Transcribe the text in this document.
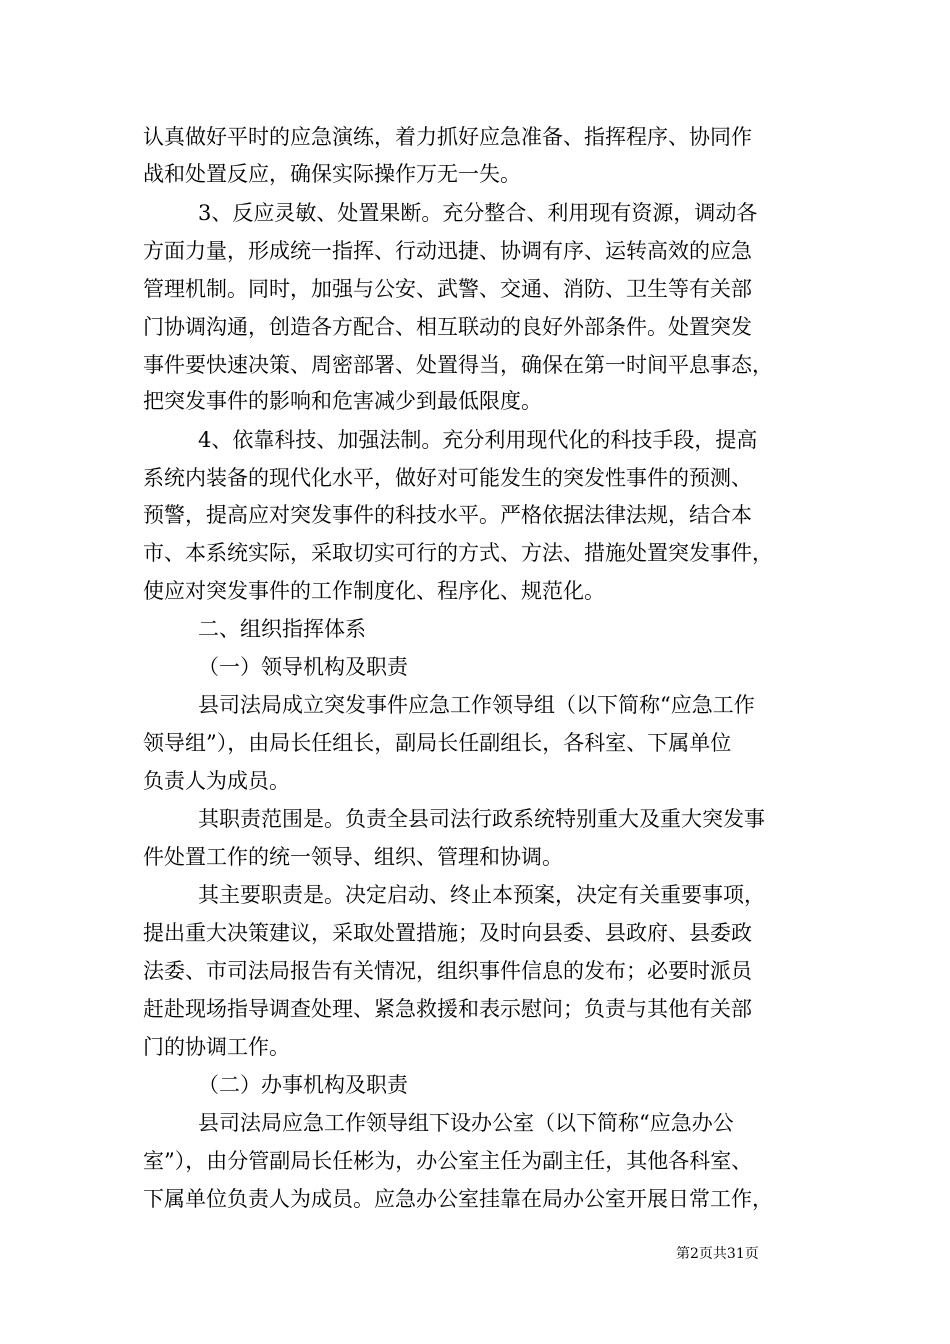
认真做好平时的应急演练，着力抓好应急准备、指挥程序、协同作
战和处置反应，确保实际操作万无一失。
3、反应灵敏、处置果断。充分整合、利用现有资源，调动各
方面力量，形成统一指挥、行动迅捷、协调有序、运转高效的应急
管理机制。同时，加强与公安、武警、交通、消防、卫生等有关部
门协调沟通，创造各方配合、相互联动的良好外部条件。处置突发
事件要快速决策、周密部署、处置得当，确保在第一时间平息事态，
把突发事件的影响和危害减少到最低限度。
4、依靠科技、加强法制。充分利用现代化的科技手段，提高
系统内装备的现代化水平，做好对可能发生的突发性事件的预测、
预警，提高应对突发事件的科技水平。严格依据法律法规，结合本
市、本系统实际，采取切实可行的方式、方法、措施处置突发事件，
使应对突发事件的工作制度化、程序化、规范化。
二、组织指挥体系
（一）领导机构及职责
县司法局成立突发事件应急工作领导组（以下简称“应急工作
领导组”），由局长任组长，副局长任副组长，各科室、下属单位
负责人为成员。
其职责范围是。负责全县司法行政系统特别重大及重大突发事
件处置工作的统一领导、组织、管理和协调。
其主要职责是。决定启动、终止本预案，决定有关重要事项，
提出重大决策建议，采取处置措施；及时向县委、县政府、县委政
法委、市司法局报告有关情况，组织事件信息的发布；必要时派员
赶赴现场指导调查处理、紧急救援和表示慰问；负责与其他有关部
门的协调工作。
（二）办事机构及职责
县司法局应急工作领导组下设办公室（以下简称“应急办公
室”），由分管副局长任彬为，办公室主任为副主任，其他各科室、
下属单位负责人为成员。应急办公室挂靠在局办公室开展日常工作，
第2页共31页
